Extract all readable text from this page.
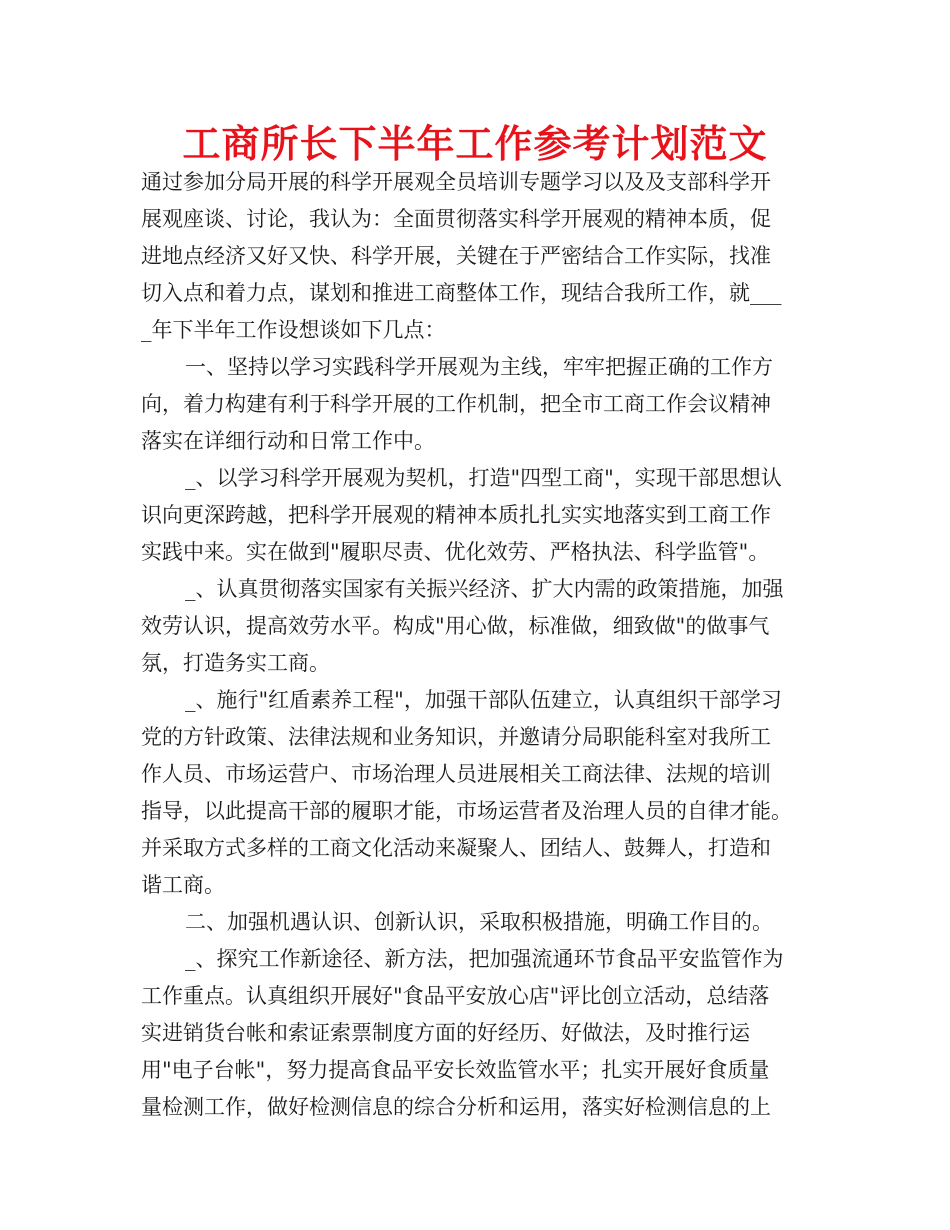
工商所长下半年工作参考计划范文
通过参加分局开展的科学开展观全员培训专题学习以及及支部科学开
展观座谈、讨论，我认为：全面贯彻落实科学开展观的精神本质，促
进地点经济又好又快、科学开展，关键在于严密结合工作实际，找准
切入点和着力点，谋划和推进工商整体工作，现结合我所工作，就___
_年下半年工作设想谈如下几点：
一、坚持以学习实践科学开展观为主线，牢牢把握正确的工作方
向，着力构建有利于科学开展的工作机制，把全市工商工作会议精神
落实在详细行动和日常工作中。
_、以学习科学开展观为契机，打造"四型工商"，实现干部思想认
识向更深跨越，把科学开展观的精神本质扎扎实实地落实到工商工作
实践中来。实在做到"履职尽责、优化效劳、严格执法、科学监管"。
_、认真贯彻落实国家有关振兴经济、扩大内需的政策措施，加强
效劳认识，提高效劳水平。构成"用心做，标准做，细致做"的做事气
氛，打造务实工商。
_、施行"红盾素养工程"，加强干部队伍建立，认真组织干部学习
党的方针政策、法律法规和业务知识，并邀请分局职能科室对我所工
作人员、市场运营户、市场治理人员进展相关工商法律、法规的培训
指导，以此提高干部的履职才能，市场运营者及治理人员的自律才能。
并采取方式多样的工商文化活动来凝聚人、团结人、鼓舞人，打造和
谐工商。
二、加强机遇认识、创新认识，采取积极措施，明确工作目的。
_、探究工作新途径、新方法，把加强流通环节食品平安监管作为
工作重点。认真组织开展好"食品平安放心店"评比创立活动，总结落
实进销货台帐和索证索票制度方面的好经历、好做法，及时推行运
用"电子台帐"，努力提高食品平安长效监管水平；扎实开展好食质量
量检测工作，做好检测信息的综合分析和运用，落实好检测信息的上
